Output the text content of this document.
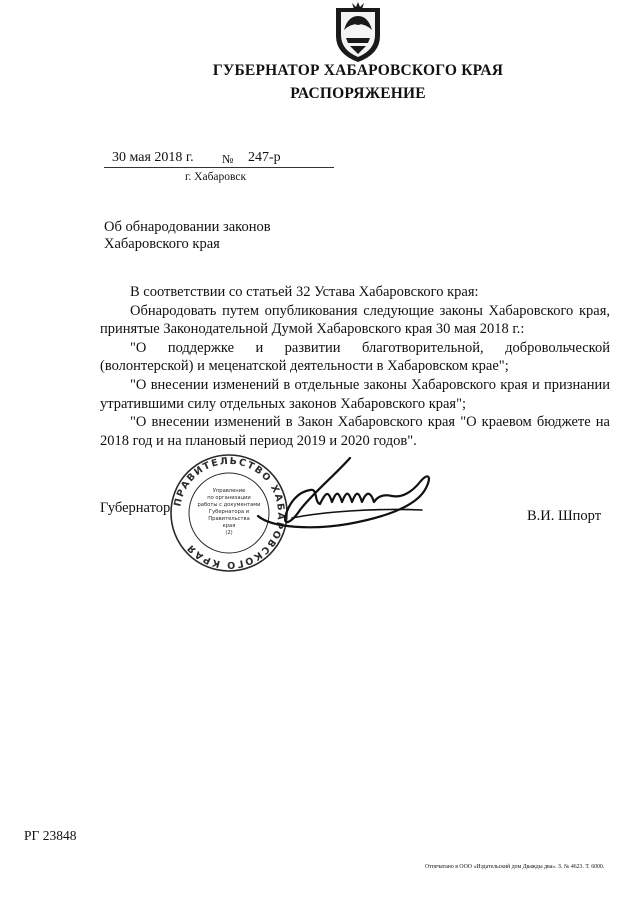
ГУБЕРНАТОР ХАБАРОВСКОГО КРАЯ
РАСПОРЯЖЕНИЕ
30 мая 2018 г. № 247-р
г. Хабаровск
Об обнародовании законов
Хабаровского края

В соответствии со статьей 32 Устава Хабаровского края:

Обнародовать путем опубликования следующие законы Хабаровского края, принятые Законодательной Думой Хабаровского края 30 мая 2018 г.:

"О поддержке и развитии благотворительной, добровольческой (волонтерской) и меценатской деятельности в Хабаровском крае";

"О внесении изменений в отдельные законы Хабаровского края и признании утратившими силу отдельных законов Хабаровского края";

"О внесении изменений в Закон Хабаровского края "О краевом бюджете на 2018 год и на плановый период 2019 и 2020 годов".

Губернатор	В.И. Шпорт
ПРАВИТЕЛЬСТВО ХАБАРОВСКОГО КРАЯ
Управление
по организации
работы с документами
Губернатора и
Правительства
края
(2)
РГ 23848
Отпечатано в ООО «Издательский дом Дважды два». З. № 4623. Т. 6000.
